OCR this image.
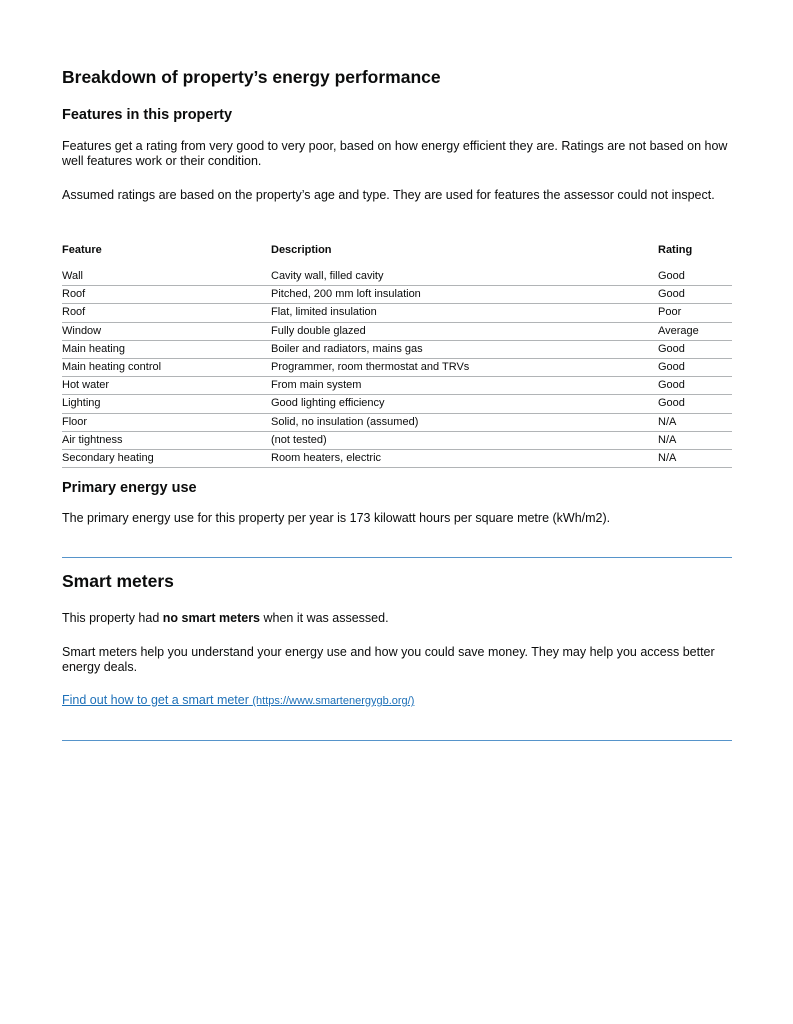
Breakdown of property’s energy performance
Features in this property

Features get a rating from very good to very poor, based on how energy efficient they are. Ratings are not based on how well features work or their condition.

Assumed ratings are based on the property’s age and type. They are used for features the assessor could not inspect.

Feature	Description	Rating
Wall	Cavity wall, filled cavity	Good
Roof	Pitched, 200 mm loft insulation	Good
Roof	Flat, limited insulation	Poor
Window	Fully double glazed	Average
Main heating	Boiler and radiators, mains gas	Good
Main heating control	Programmer, room thermostat and TRVs	Good
Hot water	From main system	Good
Lighting	Good lighting efficiency	Good
Floor	Solid, no insulation (assumed)	N/A
Air tightness	(not tested)	N/A
Secondary heating	Room heaters, electric	N/A
Primary energy use

The primary energy use for this property per year is 173 kilowatt hours per square metre (kWh/m2).

Smart meters

This property had no smart meters when it was assessed.

Smart meters help you understand your energy use and how you could save money. They may help you access better energy deals.

Find out how to get a smart meter (https://www.smartenergygb.org/)
